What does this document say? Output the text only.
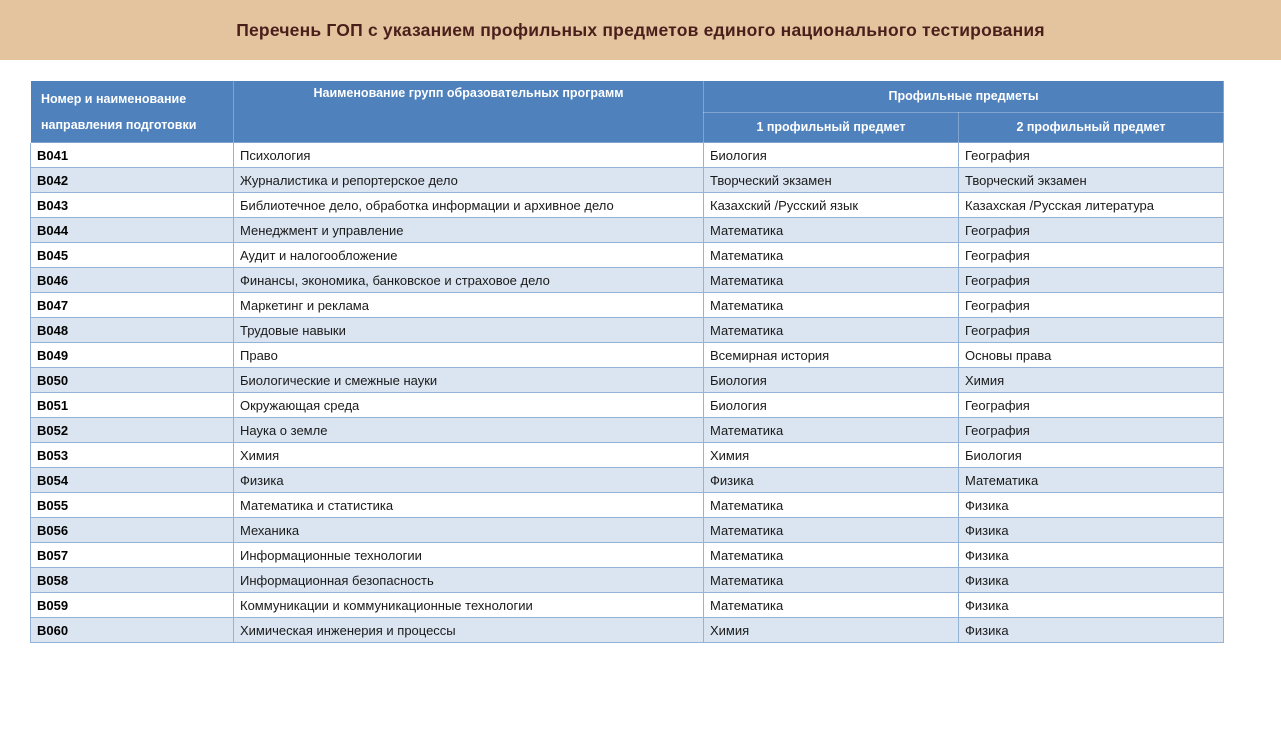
Перечень ГОП с указанием профильных предметов единого национального тестирования
Номер и наименование направления подготовки	Наименование групп образовательных программ	Профильные предметы	
		1 профильный предмет	2 профильный предмет
B041	Психология	Биология	География
B042	Журналистика и репортерское дело	Творческий экзамен	Творческий экзамен
B043	Библиотечное дело, обработка информации и архивное дело	Казахский /Русский язык	Казахская /Русская литература
B044	Менеджмент и управление	Математика	География
B045	Аудит и налогообложение	Математика	География
B046	Финансы, экономика, банковское и страховое дело	Математика	География
B047	Маркетинг и реклама	Математика	География
B048	Трудовые навыки	Математика	География
B049	Право	Всемирная история	Основы права
B050	Биологические и смежные науки	Биология	Химия
B051	Окружающая среда	Биология	География
B052	Наука о земле	Математика	География
B053	Химия	Химия	Биология
B054	Физика	Физика	Математика
B055	Математика и статистика	Математика	Физика
B056	Механика	Математика	Физика
B057	Информационные технологии	Математика	Физика
B058	Информационная безопасность	Математика	Физика
B059	Коммуникации и коммуникационные технологии	Математика	Физика
B060	Химическая инженерия и процессы	Химия	Физика
